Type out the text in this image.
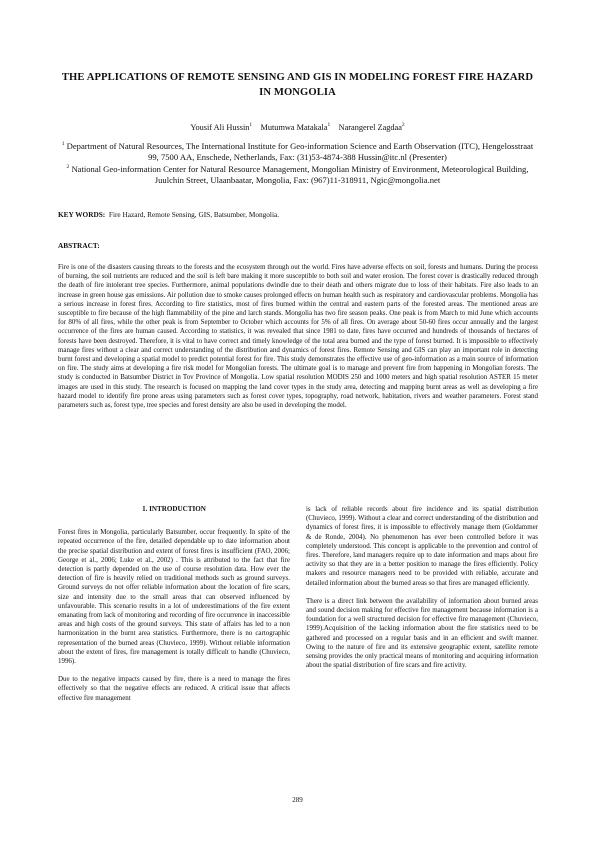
THE APPLICATIONS OF REMOTE SENSING AND GIS IN MODELING FOREST FIRE HAZARD IN MONGOLIA
Yousif Ali Hussin$^1$ Mutumwa Matakala$^1$ Narangerel Zagdaa$^2$

$^1$ Department of Natural Resources, The International Institute for Geo-information Science and Earth Observation (ITC), Hengelosstraat 99, 7500 AA, Enschede, Netherlands, Fax: (31)53-4874-388 Hussin@itc.nl (Presenter)

$^2$ National Geo-information Center for Natural Resource Management, Mongolian Ministry of Environment, Meteorological Building, Juulchin Street, Ulaanbaatar, Mongolia, Fax: (967)11-318911, Ngic@mongolia.net

KEY WORDS: Fire Hazard, Remote Sensing, GIS, Batsumber, Mongolia.
ABSTRACT:

Fire is one of the disasters causing threats to the forests and the ecosystem through out the world. Fires have adverse effects on soil, forests and humans. During the process of burning, the soil nutrients are reduced and the soil is left bare making it more susceptible to both soil and water erosion. The forest cover is drastically reduced through the death of fire intolerant tree species. Furthermore, animal populations dwindle due to their death and others migrate due to loss of their habitats. Fire also leads to an increase in green house gas emissions. Air pollution due to smoke causes prolonged effects on human health such as respiratory and cardiovascular problems. Mongolia has a serious increase in forest fires. According to fire statistics, most of fires burned within the central and eastern parts of the forested areas. The mentioned areas are susceptible to fire because of the high flammability of the pine and larch stands. Mongolia has two fire season peaks. One peak is from March to mid June which accounts for 80% of all fires, while the other peak is from September to October which accounts for 5% of all fires. On average about 50-60 fires occur annually and the largest occurrence of the fires are human caused. According to statistics, it was revealed that since 1981 to date, fires have occurred and hundreds of thousands of hectares of forests have been destroyed. Therefore, it is vital to have correct and timely knowledge of the total area burned and the type of forest burned. It is impossible to effectively manage fires without a clear and correct understanding of the distribution and dynamics of forest fires. Remote Sensing and GIS can play an important role in detecting burnt forest and developing a spatial model to predict potential forest for fire. This study demonstrates the effective use of geo-information as a main source of information on fire. The study aims at developing a fire risk model for Mongolian forests. The ultimate goal is to manage and prevent fire from happening in Mongolian forests. The study is conducted in Batsumber District in Tov Province of Mongolia. Low spatial resolution MODIS 250 and 1000 meters and high spatial resolution ASTER 15 meter images are used in this study. The research is focused on mapping the land cover types in the study area, detecting and mapping burnt areas as well as developing a fire hazard model to identify fire prone areas using parameters such as forest cover types, topography, road network, habitation, rivers and weather parameters. Forest stand parameters such as, forest type, tree species and forest density are also be used in developing the model.

1. INTRODUCTION

Forest fires in Mongolia, particularly Batsumber, occur frequently. In spite of the repeated occurrence of the fire, detailed dependable up to date information about the precise spatial distribution and extent of forest fires is insufficient (FAO, 2006; George et al., 2006; Luke et al., 2002) . This is attributed to the fact that fire detection is partly depended on the use of course resolution data. How ever the detection of fire is heavily relied on traditional methods such as ground surveys. Ground surveys do not offer reliable information about the location of fire scars, size and intensity due to the small areas that can observed influenced by unfavourable. This scenario results in a lot of underestimations of the fire extent emanating from lack of monitoring and recording of fire occurrence in inaccessible areas and high costs of the ground surveys. This state of affairs has led to a non harmonization in the burnt area statistics. Furthermore, there is no cartographic representation of the burned areas (Chuvieco, 1999). Without reliable information about the extent of fires, fire management is totally difficult to handle (Chuvieco, 1996).

Due to the negative impacts caused by fire, there is a need to manage the fires effectively so that the negative effects are reduced. A critical issue that affects effective fire management

is lack of reliable records about fire incidence and its spatial distribution (Chuvieco, 1999). Without a clear and correct understanding of the distribution and dynamics of forest fires, it is impossible to effectively manage them (Goldammer & de Ronde, 2004). No phenomenon has ever been controlled before it was completely understood. This concept is applicable to the prevention and control of fires. Therefore, land managers require up to date information and maps about fire activity so that they are in a better position to manage the fires efficiently. Policy makers and resource managers need to be provided with reliable, accurate and detailed information about the burned areas so that fires are managed efficiently.

There is a direct link between the availability of information about burned areas and sound decision making for effective fire management because information is a foundation for a well structured decision for effective fire management (Chuvieco, 1999).Acquisition of the lacking information about the fire statistics need to be gathered and processed on a regular basis and in an efficient and swift manner. Owing to the nature of fire and its extensive geographic extent, satellite remote sensing provides the only practical means of monitoring and acquiring information about the spatial distribution of fire scars and fire activity.

289
